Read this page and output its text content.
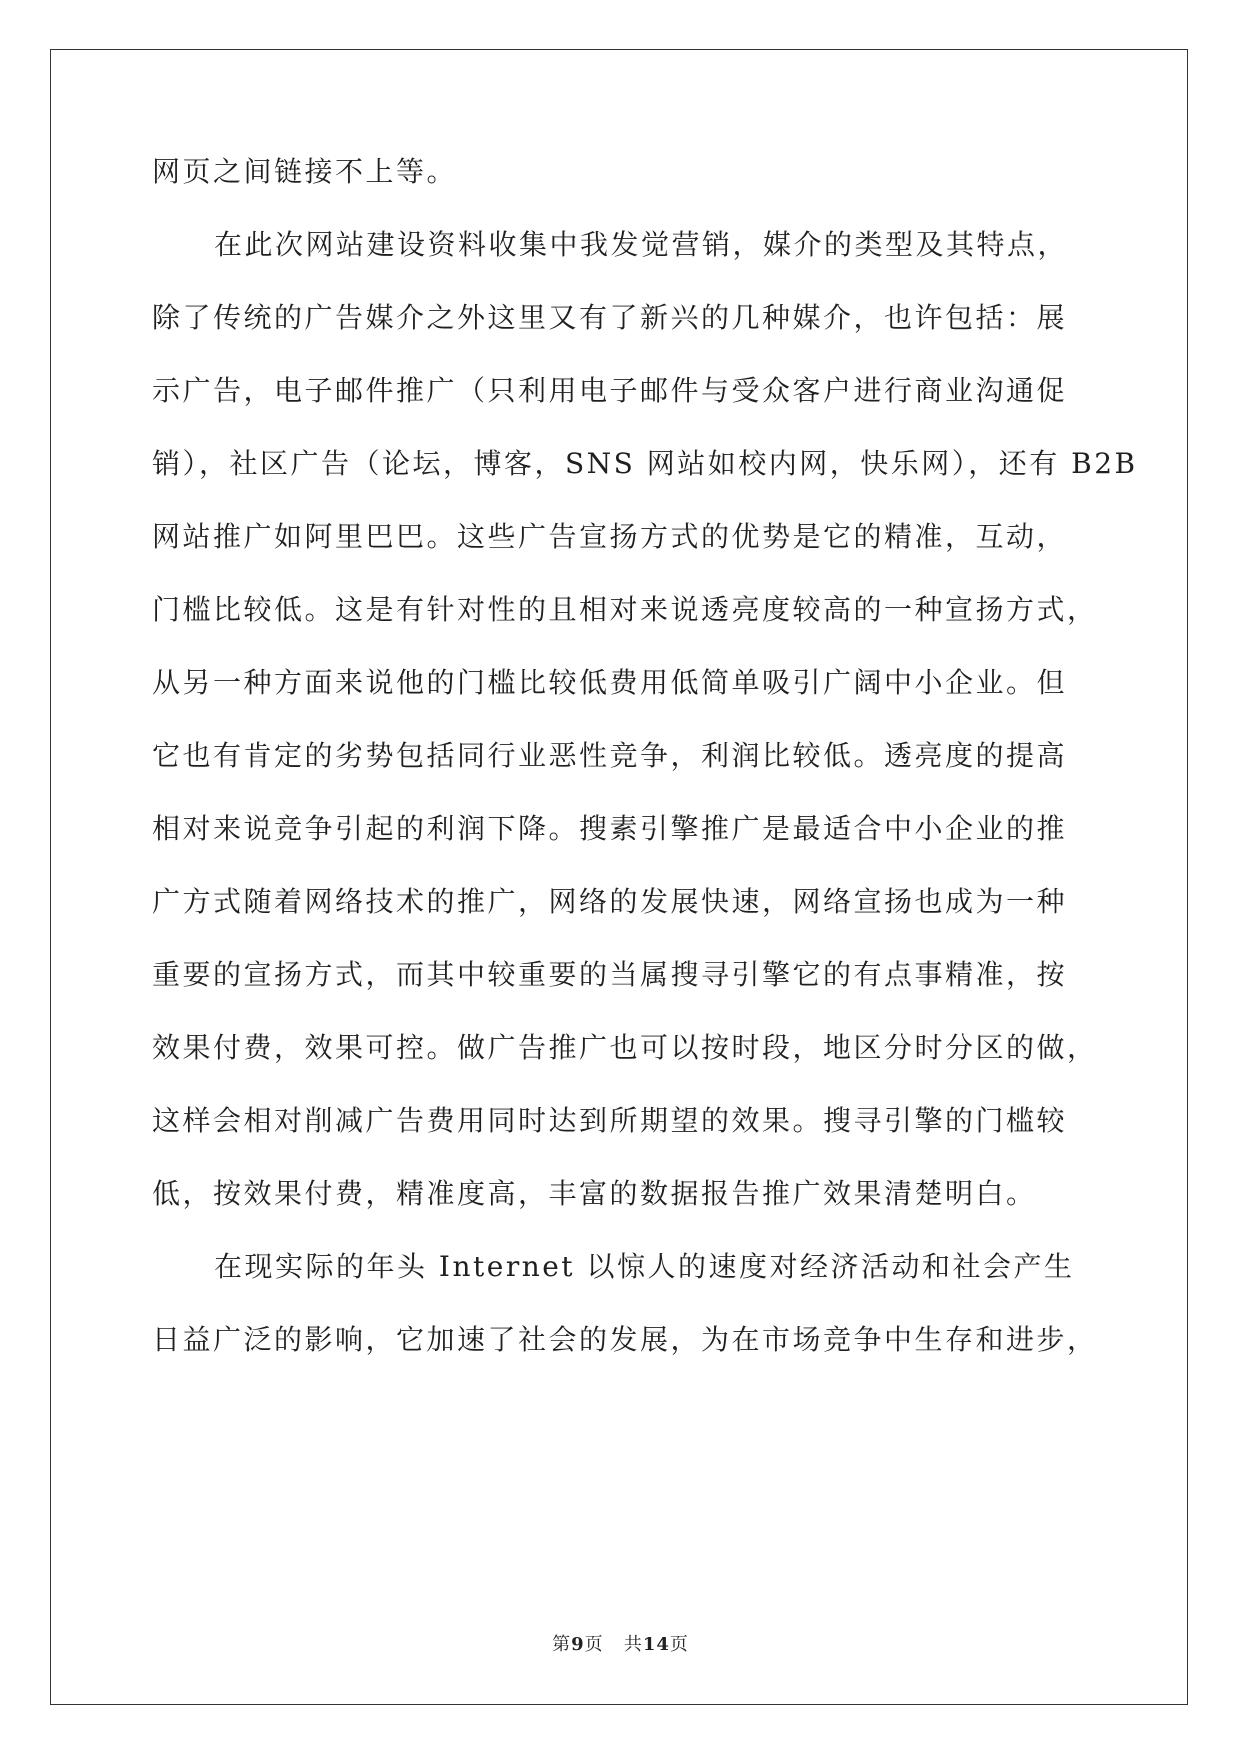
网页之间链接不上等。
在此次网站建设资料收集中我发觉营销，媒介的类型及其特点，
除了传统的广告媒介之外这里又有了新兴的几种媒介，也许包括：展
示广告，电子邮件推广（只利用电子邮件与受众客户进行商业沟通促
销），社区广告（论坛，博客，SNS 网站如校内网，快乐网），还有 B2B
网站推广如阿里巴巴。这些广告宣扬方式的优势是它的精准，互动，
门槛比较低。这是有针对性的且相对来说透亮度较高的一种宣扬方式，
从另一种方面来说他的门槛比较低费用低简单吸引广阔中小企业。但
它也有肯定的劣势包括同行业恶性竞争，利润比较低。透亮度的提高
相对来说竞争引起的利润下降。搜素引擎推广是最适合中小企业的推
广方式随着网络技术的推广，网络的发展快速，网络宣扬也成为一种
重要的宣扬方式，而其中较重要的当属搜寻引擎它的有点事精准，按
效果付费，效果可控。做广告推广也可以按时段，地区分时分区的做，
这样会相对削减广告费用同时达到所期望的效果。搜寻引擎的门槛较
低，按效果付费，精准度高，丰富的数据报告推广效果清楚明白。
在现实际的年头 Internet 以惊人的速度对经济活动和社会产生
日益广泛的影响，它加速了社会的发展，为在市场竞争中生存和进步，
第9页 共14页
